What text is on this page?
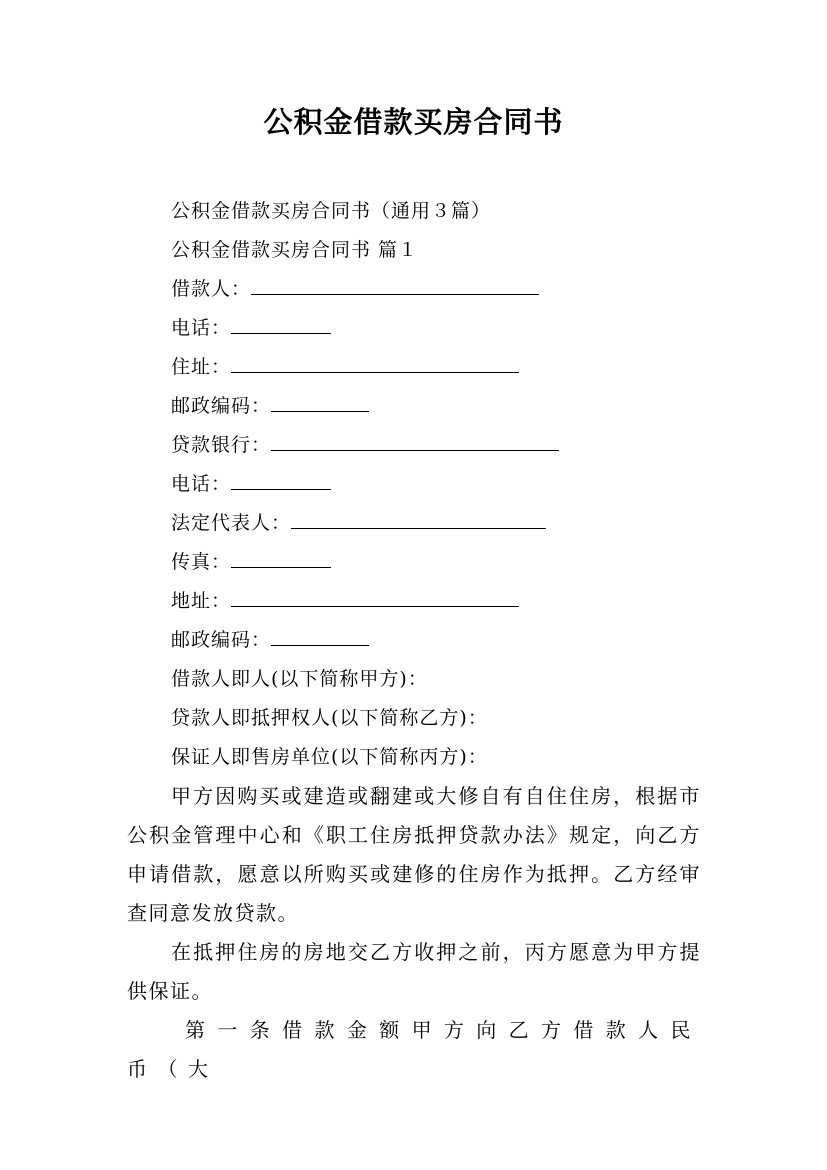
公积金借款买房合同书
公积金借款买房合同书（通用３篇）
公积金借款买房合同书 篇１
借款人：
电话：
住址：
邮政编码：
贷款银行：
电话：
法定代表人：
传真：
地址：
邮政编码：
借款人即人(以下简称甲方)：
贷款人即抵押权人(以下简称乙方)：
保证人即售房单位(以下简称丙方)：
甲方因购买或建造或翻建或大修自有自住住房，根据市公积金管理中心和《职工住房抵押贷款办法》规定，向乙方申请借款，愿意以所购买或建修的住房作为抵押。乙方经审查同意发放贷款。
在抵押住房的房地交乙方收押之前，丙方愿意为甲方提供保证。
第一条借款金额甲方向乙方借款人民币（大
